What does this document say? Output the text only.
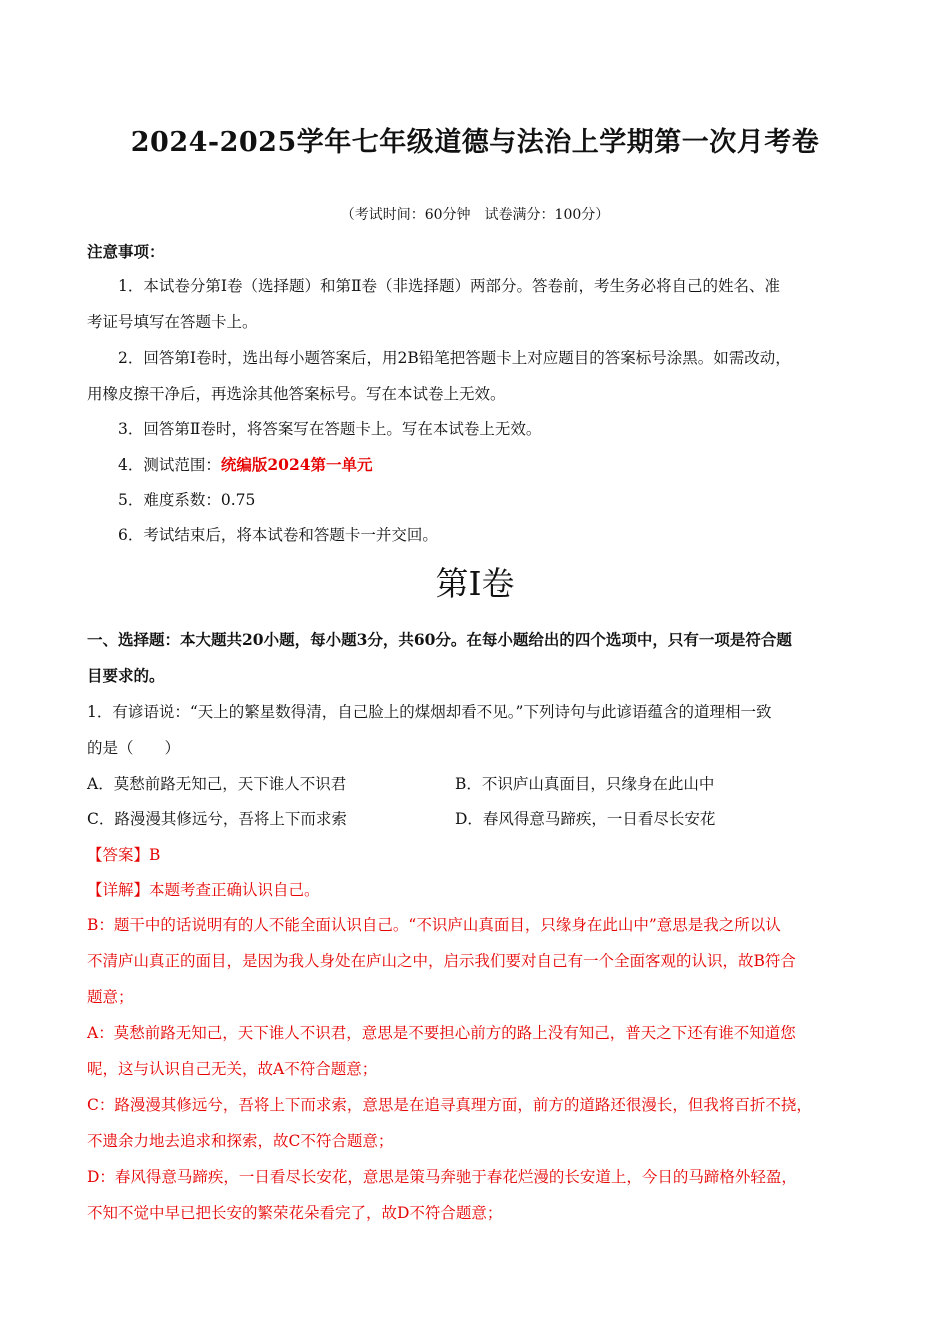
2024-2025学年七年级道德与法治上学期第一次月考卷
（考试时间：60分钟　试卷满分：100分）
注意事项：
1．本试卷分第Ⅰ卷（选择题）和第Ⅱ卷（非选择题）两部分。答卷前，考生务必将自己的姓名、准
考证号填写在答题卡上。
2．回答第Ⅰ卷时，选出每小题答案后，用2B铅笔把答题卡上对应题目的答案标号涂黑。如需改动，
用橡皮擦干净后，再选涂其他答案标号。写在本试卷上无效。
3．回答第Ⅱ卷时，将答案写在答题卡上。写在本试卷上无效。
4．测试范围：统编版2024第一单元
5．难度系数：0.75
6．考试结束后，将本试卷和答题卡一并交回。
第Ⅰ卷
一、选择题：本大题共20小题，每小题3分，共60分。在每小题给出的四个选项中，只有一项是符合题
目要求的。
1．有谚语说：“天上的繁星数得清，自己脸上的煤烟却看不见。”下列诗句与此谚语蕴含的道理相一致
的是（　　）
A．莫愁前路无知己，天下谁人不识君	B．不识庐山真面目，只缘身在此山中
C．路漫漫其修远兮，吾将上下而求索	D．春风得意马蹄疾，一日看尽长安花
【答案】B
【详解】本题考查正确认识自己。
B：题干中的话说明有的人不能全面认识自己。“不识庐山真面目，只缘身在此山中”意思是我之所以认
不清庐山真正的面目，是因为我人身处在庐山之中，启示我们要对自己有一个全面客观的认识，故B符合
题意；
A：莫愁前路无知己，天下谁人不识君，意思是不要担心前方的路上没有知己，普天之下还有谁不知道您
呢，这与认识自己无关，故A不符合题意；
C：路漫漫其修远兮，吾将上下而求索，意思是在追寻真理方面，前方的道路还很漫长，但我将百折不挠，
不遗余力地去追求和探索，故C不符合题意；
D：春风得意马蹄疾，一日看尽长安花，意思是策马奔驰于春花烂漫的长安道上，今日的马蹄格外轻盈，
不知不觉中早已把长安的繁荣花朵看完了，故D不符合题意；
